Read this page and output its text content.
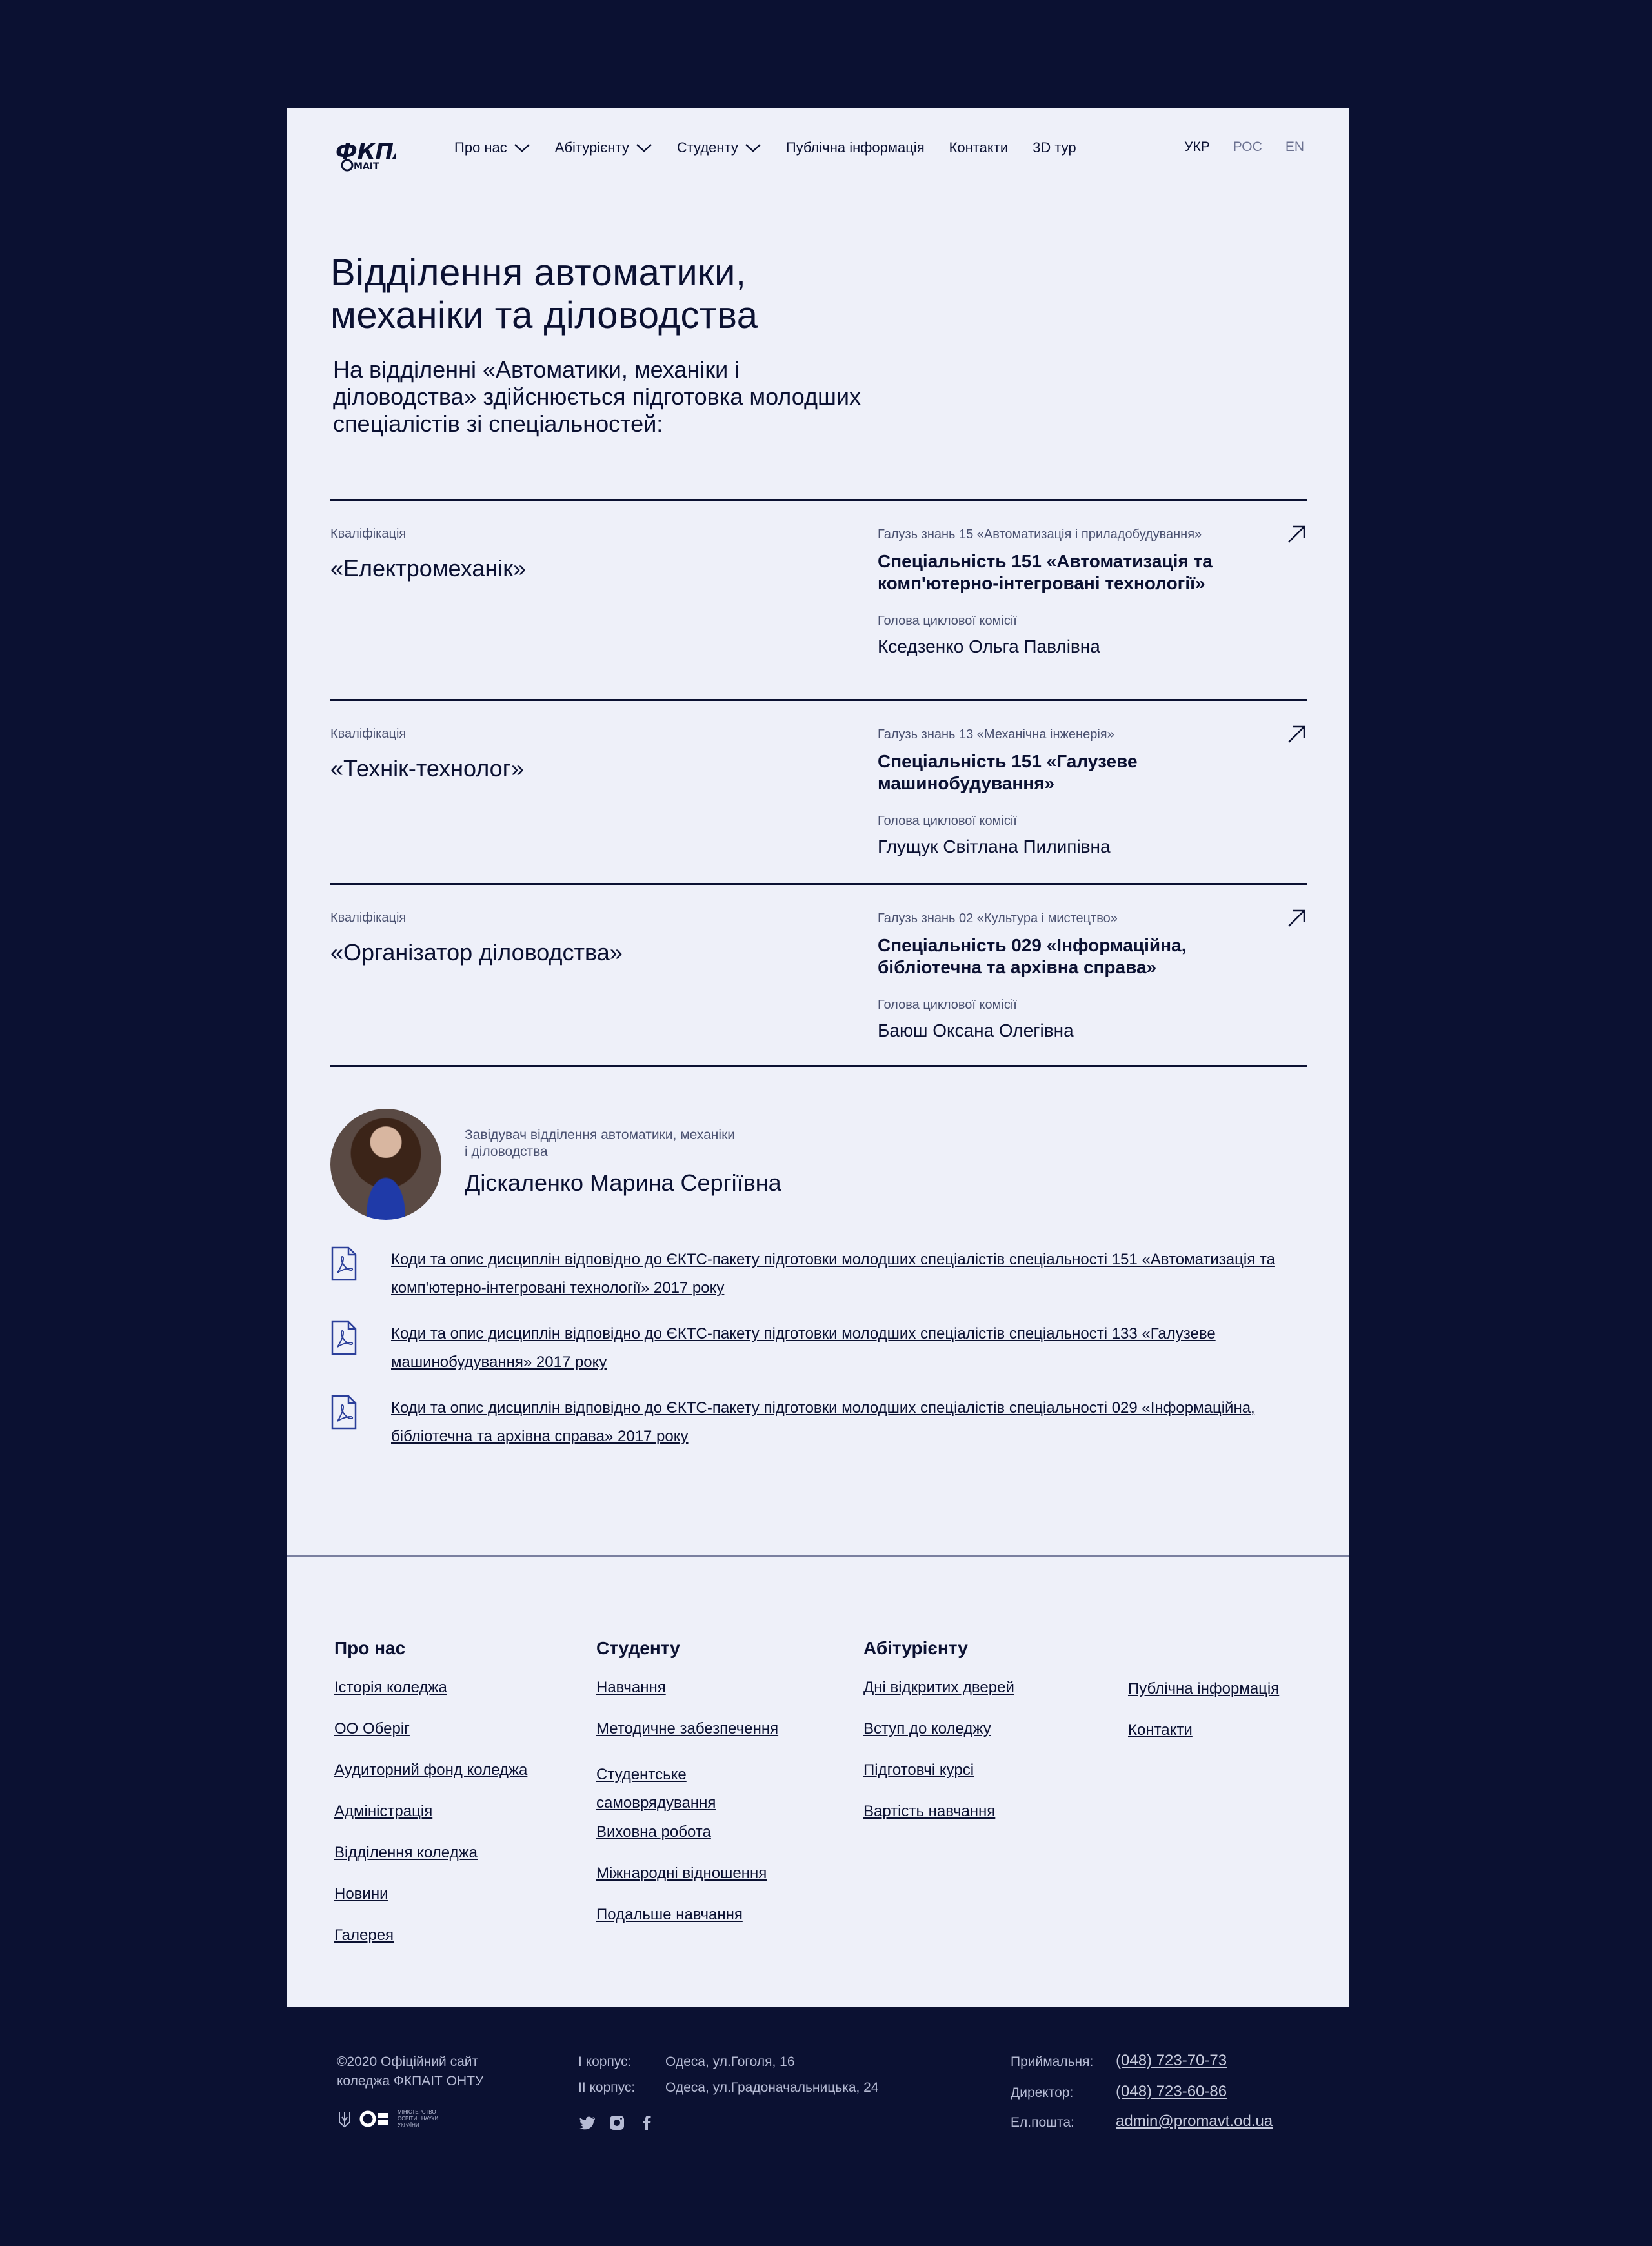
ФКП
МАІТ
Про нас	Абітурієнту	Студенту	Публічна інформація Контакти 3D тур	УКР РОС EN
Відділення автоматики, механіки та діловодства

На відділенні «Автоматики, механіки і діловодства» здійснюється підготовка молодших спеціалістів зі спеціальностей:

Кваліфікація
«Електромеханік»
Галузь знань 15 «Автоматизація і приладобудування»
Спеціальність 151 «Автоматизація та комп'ютерно-інтегровані технології»
Голова циклової комісії
Кседзенко Ольга Павлівна
Кваліфікація
«Технік-технолог»
Галузь знань 13 «Механічна інженерія»
Спеціальність 151 «Галузеве машинобудування»
Голова циклової комісії
Глущук Світлана Пилипівна
Кваліфікація
«Організатор діловодства»
Галузь знань 02 «Культура і мистецтво»
Спеціальність 029 «Інформаційна, бібліотечна та архівна справа»
Голова циклової комісії
Баюш Оксана Олегівна
Завідувач відділення автоматики, механіки і діловодства
Діскаленко Марина Сергіївна
Коди та опис дисциплін відповідно до ЄКТС-пакету підготовки молодших спеціалістів спеціальності 151 «Автоматизація та комп'ютерно-інтегровані технології» 2017 року
Коди та опис дисциплін відповідно до ЄКТС-пакету підготовки молодших спеціалістів спеціальності 133 «Галузеве машинобудування» 2017 року
Коди та опис дисциплін відповідно до ЄКТС-пакету підготовки молодших спеціалістів спеціальності 029 «Інформаційна, бібліотечна та архівна справа» 2017 року
Про нас
Історія коледжа
ОО Оберіг
Аудиторний фонд коледжа
Адміністрація
Відділення коледжа
Новини
Галерея
Студенту
Навчання
Методичне забезпечення
Студентське самоврядування
Виховна робота
Міжнародні відношення
Подальше навчання
Абітурієнту
Дні відкритих дверей
Вступ до коледжу
Підготовчі курсі
Вартість навчання
Публічна інформація
Контакти
©2020 Офіційний сайт коледжа ФКПАІТ ОНТУ
МІНІСТЕРСТВО ОСВІТИ І НАУКИ УКРАЇНИ
І корпус:	Одеса, ул.Гоголя, 16
ІІ корпус: Одеса, ул.Градоначальницька, 24
Приймальня: (048) 723-70-73
Директор:	(048) 723-60-86
Ел.пошта:	admin@promavt.od.ua
